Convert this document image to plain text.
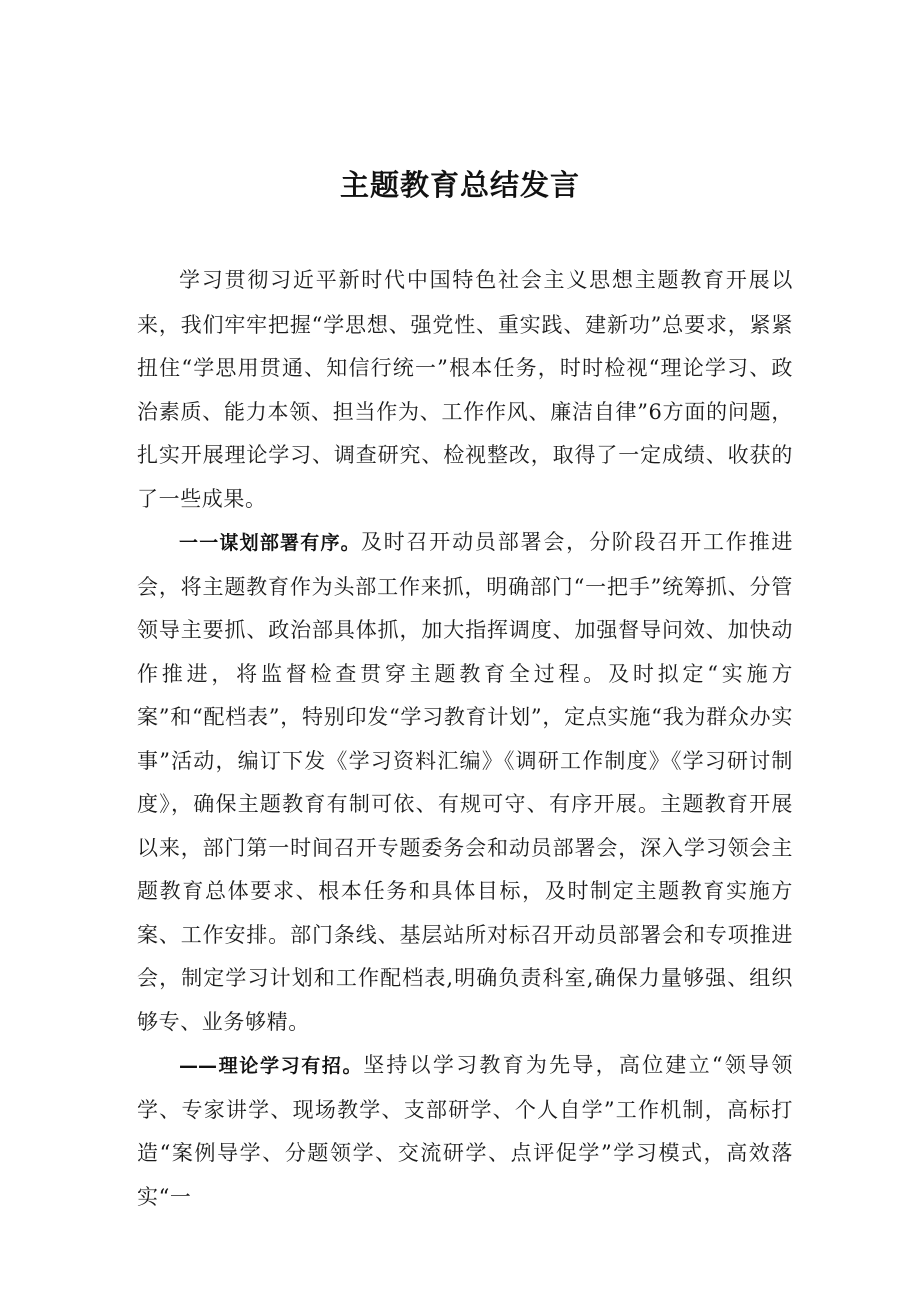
主题教育总结发言

学习贯彻习近平新时代中国特色社会主义思想主题教育开展以来，我们牢牢把握“学思想、强党性、重实践、建新功”总要求，紧紧扭住“学思用贯通、知信行统一”根本任务，时时检视“理论学习、政治素质、能力本领、担当作为、工作作风、廉洁自律”6方面的问题，扎实开展理论学习、调查研究、检视整改，取得了一定成绩、收获的了一些成果。

一一谋划部署有序。及时召开动员部署会，分阶段召开工作推进会，将主题教育作为头部工作来抓，明确部门“一把手”统筹抓、分管领导主要抓、政治部具体抓，加大指挥调度、加强督导问效、加快动作推进，将监督检查贯穿主题教育全过程。及时拟定“实施方案”和“配档表”，特别印发“学习教育计划”，定点实施“我为群众办实事”活动，编订下发《学习资料汇编》《调研工作制度》《学习研讨制度》，确保主题教育有制可依、有规可守、有序开展。主题教育开展以来，部门第一时间召开专题委务会和动员部署会，深入学习领会主题教育总体要求、根本任务和具体目标，及时制定主题教育实施方案、工作安排。部门条线、基层站所对标召开动员部署会和专项推进会，制定学习计划和工作配档表,明确负责科室,确保力量够强、组织够专、业务够精。

——理论学习有招。坚持以学习教育为先导，高位建立“领导领学、专家讲学、现场教学、支部研学、个人自学”工作机制，高标打造“案例导学、分题领学、交流研学、点评促学”学习模式，高效落实“一
